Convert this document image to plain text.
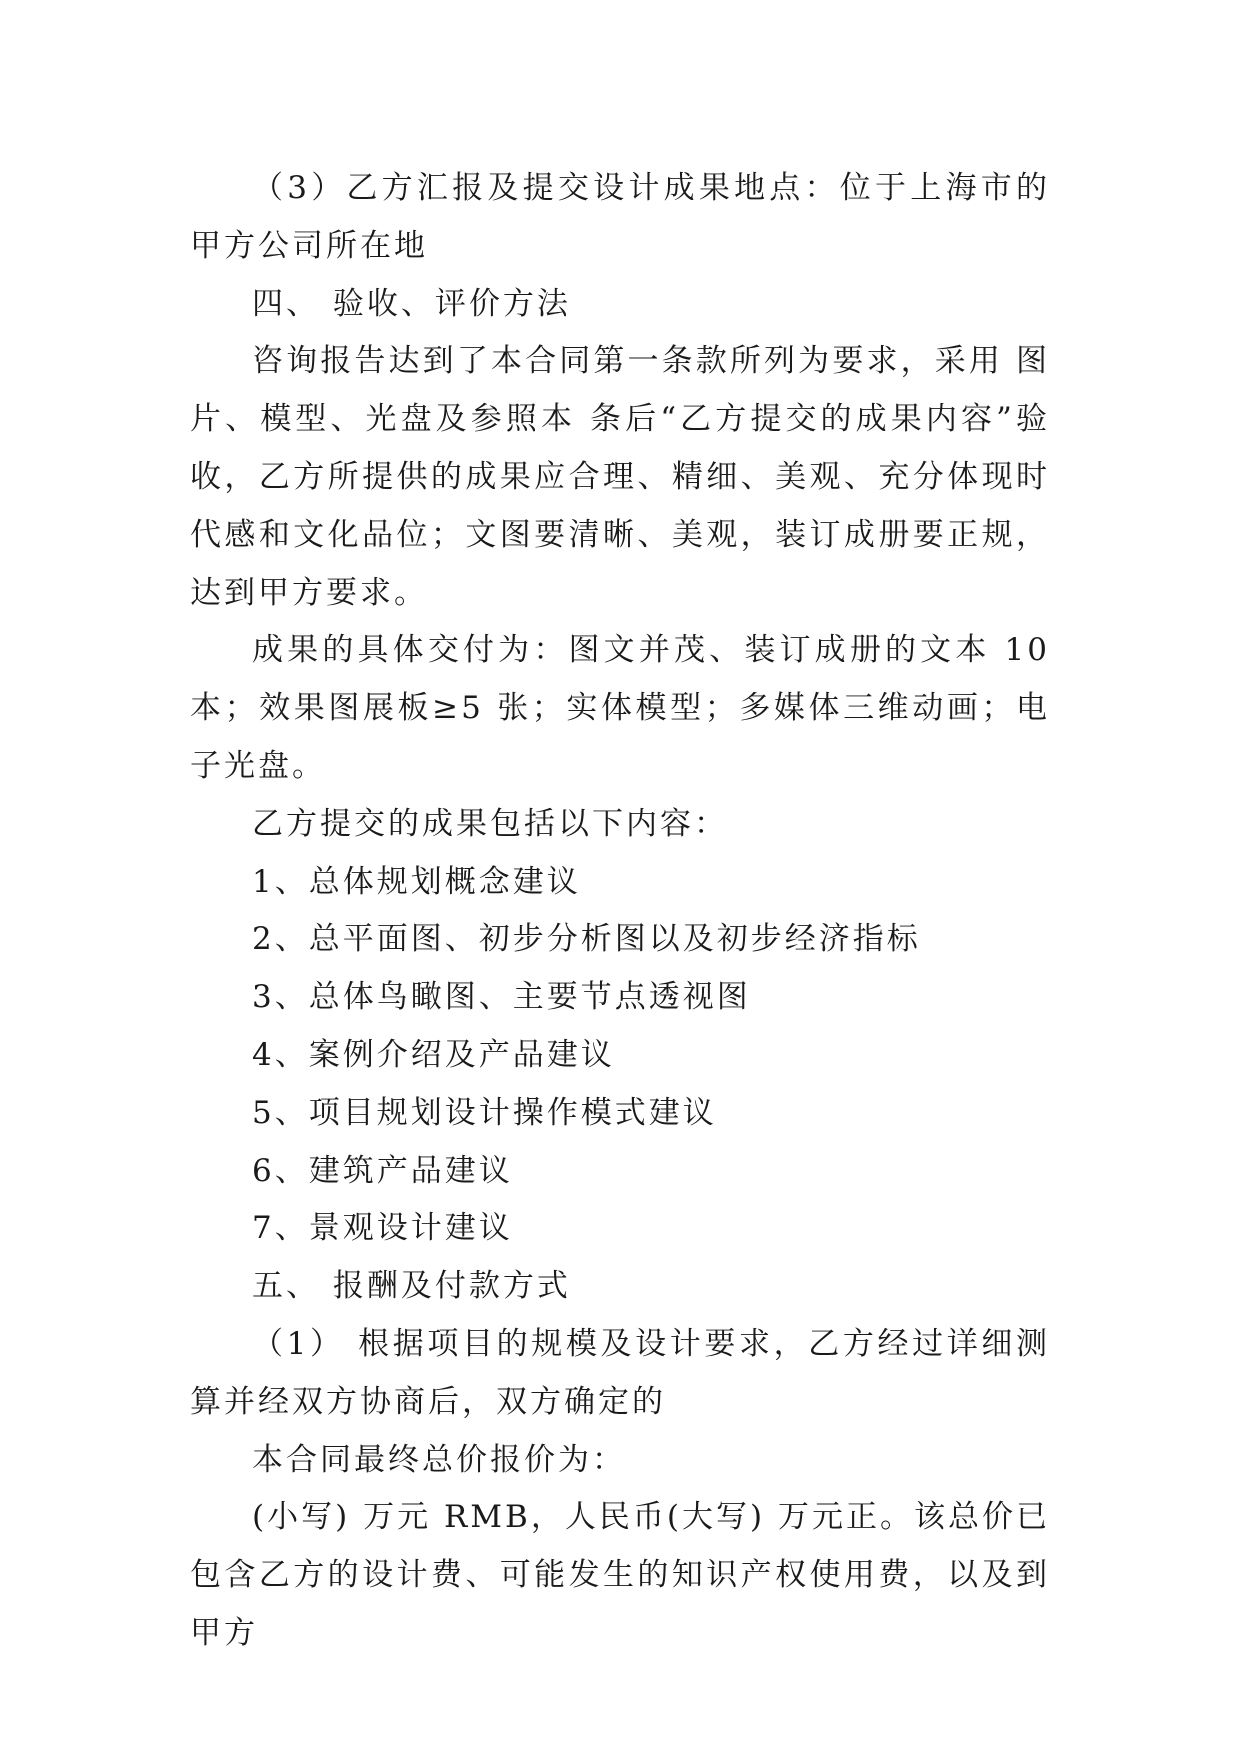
（3）乙方汇报及提交设计成果地点：位于上海市的甲方公司所在地

四、 验收、评价方法

咨询报告达到了本合同第一条款所列为要求，采用 图片、模型、光盘及参照本 条后“乙方提交的成果内容”验收，乙方所提供的成果应合理、精细、美观、充分体现时代感和文化品位；文图要清晰、美观，装订成册要正规，达到甲方要求。

成果的具体交付为：图文并茂、装订成册的文本 10 本；效果图展板≥5 张；实体模型；多媒体三维动画；电子光盘。

乙方提交的成果包括以下内容：

1、总体规划概念建议

2、总平面图、初步分析图以及初步经济指标

3、总体鸟瞰图、主要节点透视图

4、案例介绍及产品建议

5、项目规划设计操作模式建议

6、建筑产品建议

7、景观设计建议

五、 报酬及付款方式

（1） 根据项目的规模及设计要求，乙方经过详细测算并经双方协商后，双方确定的

本合同最终总价报价为：

(小写) 万元 RMB，人民币(大写) 万元正。该总价已包含乙方的设计费、可能发生的知识产权使用费，以及到甲方
